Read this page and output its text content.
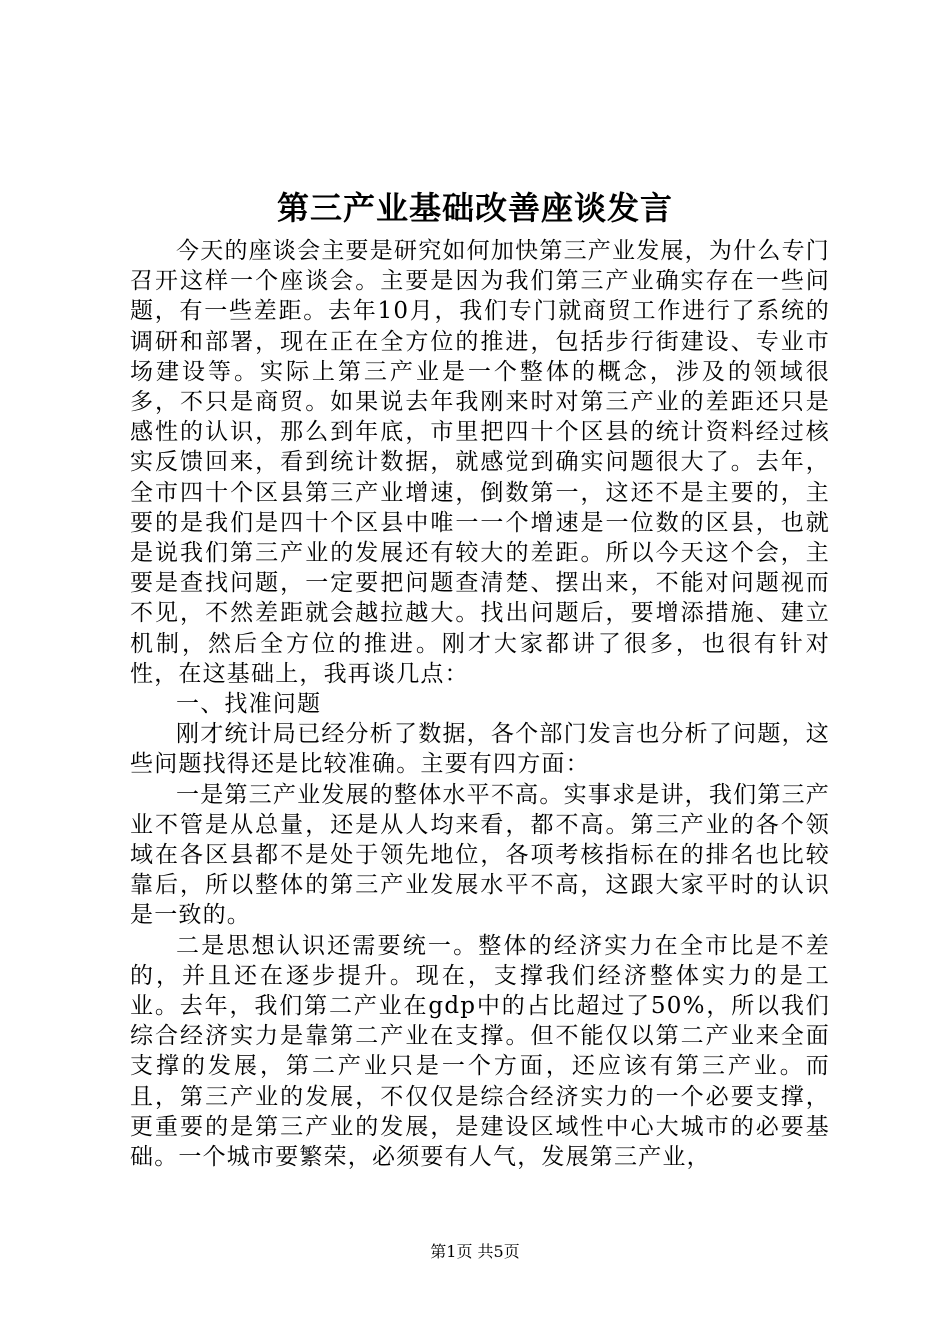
第三产业基础改善座谈发言

今天的座谈会主要是研究如何加快第三产业发展，为什么专门召开这样一个座谈会。主要是因为我们第三产业确实存在一些问题，有一些差距。去年10月，我们专门就商贸工作进行了系统的调研和部署，现在正在全方位的推进，包括步行街建设、专业市场建设等。实际上第三产业是一个整体的概念，涉及的领域很多，不只是商贸。如果说去年我刚来时对第三产业的差距还只是感性的认识，那么到年底，市里把四十个区县的统计资料经过核实反馈回来，看到统计数据，就感觉到确实问题很大了。去年，全市四十个区县第三产业增速，倒数第一，这还不是主要的，主要的是我们是四十个区县中唯一一个增速是一位数的区县，也就是说我们第三产业的发展还有较大的差距。所以今天这个会，主要是查找问题，一定要把问题查清楚、摆出来，不能对问题视而不见，不然差距就会越拉越大。找出问题后，要增添措施、建立机制，然后全方位的推进。刚才大家都讲了很多，也很有针对性，在这基础上，我再谈几点：

一、找准问题

刚才统计局已经分析了数据，各个部门发言也分析了问题，这些问题找得还是比较准确。主要有四方面：

一是第三产业发展的整体水平不高。实事求是讲，我们第三产业不管是从总量，还是从人均来看，都不高。第三产业的各个领域在各区县都不是处于领先地位，各项考核指标在的排名也比较靠后，所以整体的第三产业发展水平不高，这跟大家平时的认识是一致的。

二是思想认识还需要统一。整体的经济实力在全市比是不差的，并且还在逐步提升。现在，支撑我们经济整体实力的是工业。去年，我们第二产业在gdp中的占比超过了50%，所以我们综合经济实力是靠第二产业在支撑。但不能仅以第二产业来全面支撑的发展，第二产业只是一个方面，还应该有第三产业。而且，第三产业的发展，不仅仅是综合经济实力的一个必要支撑，更重要的是第三产业的发展，是建设区域性中心大城市的必要基础。一个城市要繁荣，必须要有人气，发展第三产业，

第1页 共5页
